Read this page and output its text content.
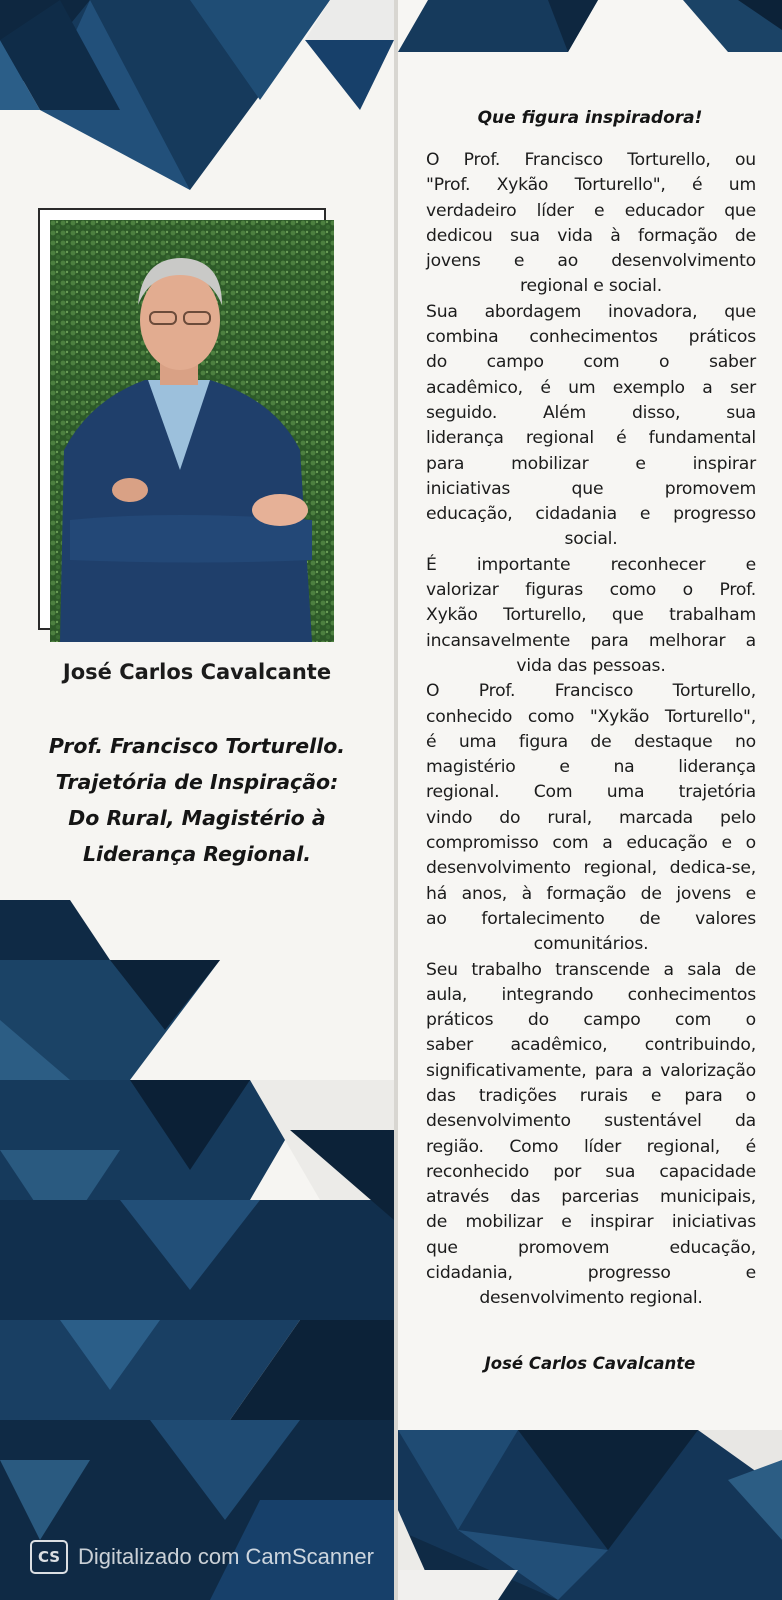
José Carlos Cavalcante
Prof. Francisco Torturello.
Trajetória de Inspiração:
Do Rural, Magistério à
Liderança Regional.
Que figura inspiradora!
O Prof. Francisco Torturello, ou
"Prof. Xykão Torturello", é um
verdadeiro líder e educador que
dedicou sua vida à formação de
jovens e ao desenvolvimento
regional e social.
Sua abordagem inovadora, que
combina conhecimentos práticos
do campo com o saber
acadêmico, é um exemplo a ser
seguido. Além disso, sua
liderança regional é fundamental
para mobilizar e inspirar
iniciativas que promovem
educação, cidadania e progresso
social.
É importante reconhecer e
valorizar figuras como o Prof.
Xykão Torturello, que trabalham
incansavelmente para melhorar a
vida das pessoas.
O Prof. Francisco Torturello,
conhecido como "Xykão Torturello",
é uma figura de destaque no
magistério e na liderança
regional. Com uma trajetória
vindo do rural, marcada pelo
compromisso com a educação e o
desenvolvimento regional, dedica-se,
há anos, à formação de jovens e
ao fortalecimento de valores
comunitários.
Seu trabalho transcende a sala de
aula, integrando conhecimentos
práticos do campo com o
saber acadêmico, contribuindo,
significativamente, para a valorização
das tradições rurais e para o
desenvolvimento sustentável da
região. Como líder regional, é
reconhecido por sua capacidade
através das parcerias municipais,
de mobilizar e inspirar iniciativas
que promovem educação,
cidadania, progresso e
desenvolvimento regional.
José Carlos Cavalcante
CS Digitalizado com CamScanner
